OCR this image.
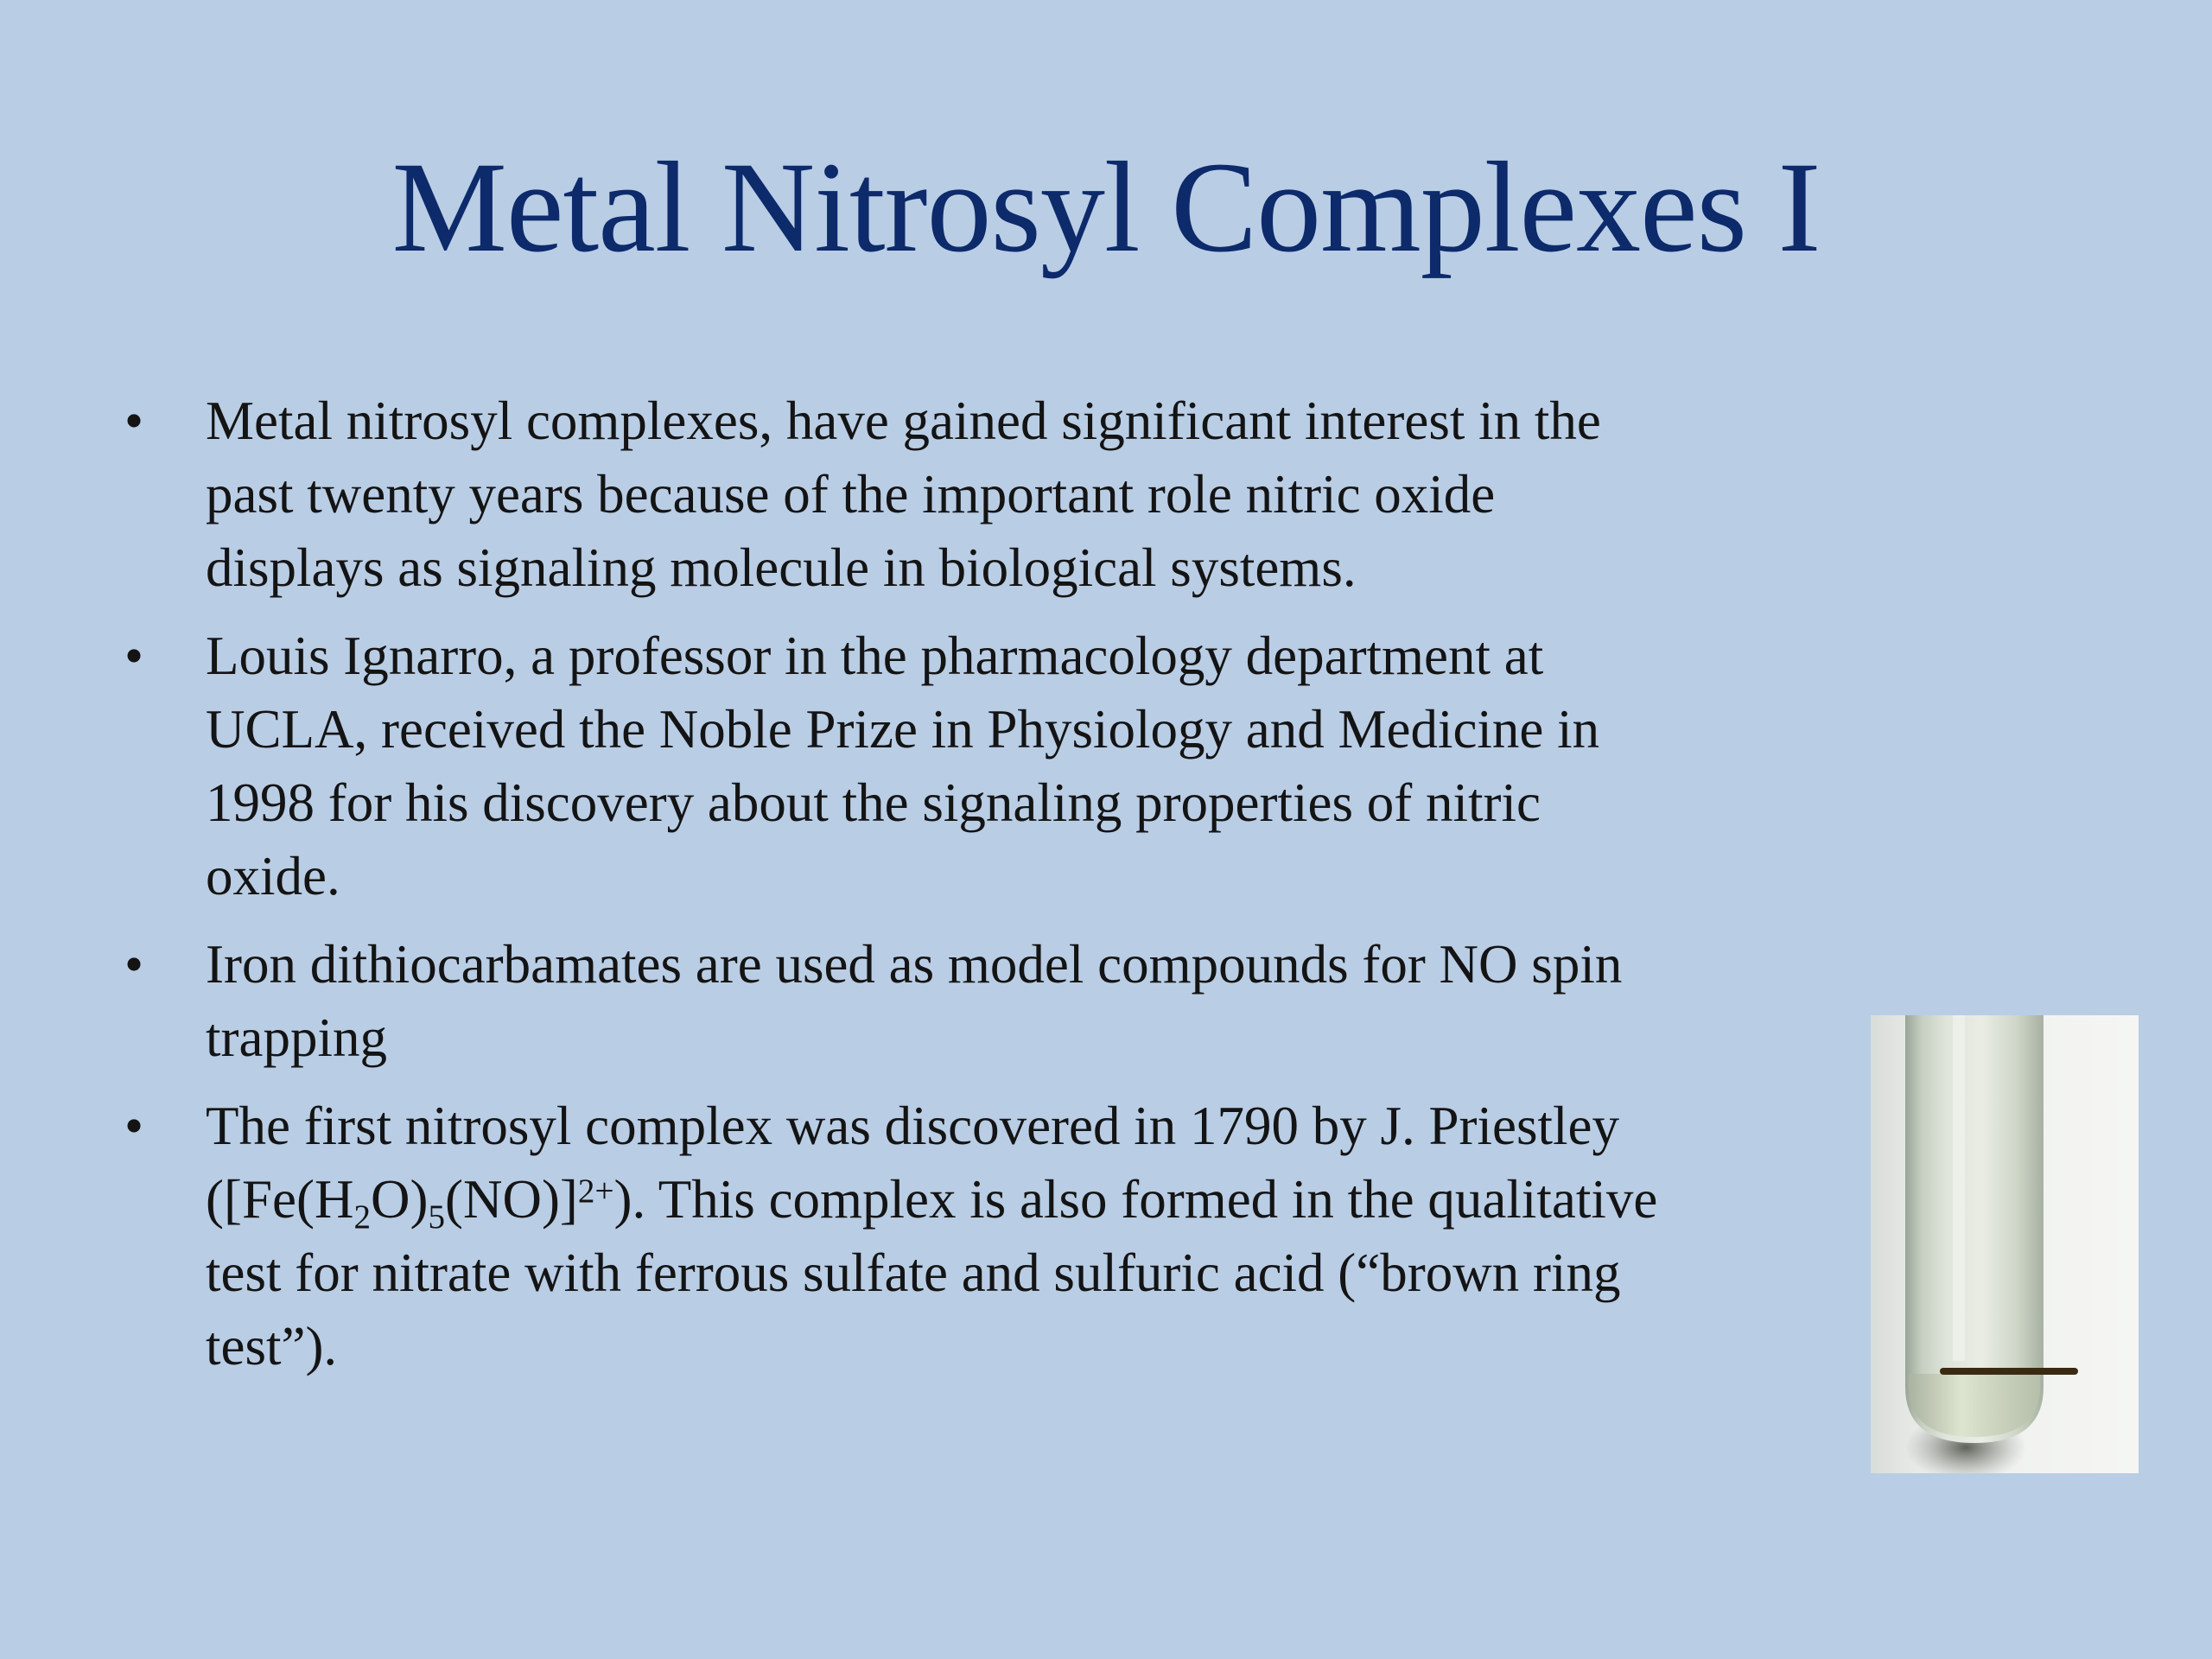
Metal Nitrosyl Complexes I
• Metal nitrosyl complexes, have gained significant interest in the
past twenty years because of the important role nitric oxide
displays as signaling molecule in biological systems.
• Louis Ignarro, a professor in the pharmacology department at
UCLA, received the Noble Prize in Physiology and Medicine in
1998 for his discovery about the signaling properties of nitric
oxide.
• Iron dithiocarbamates are used as model compounds for NO spin
trapping
• The first nitrosyl complex was discovered in 1790 by J. Priestley
$([Fe(H_2O)_5(NO)]^{2+})$. This complex is also formed in the qualitative
test for nitrate with ferrous sulfate and sulfuric acid (“brown ring
test”).
